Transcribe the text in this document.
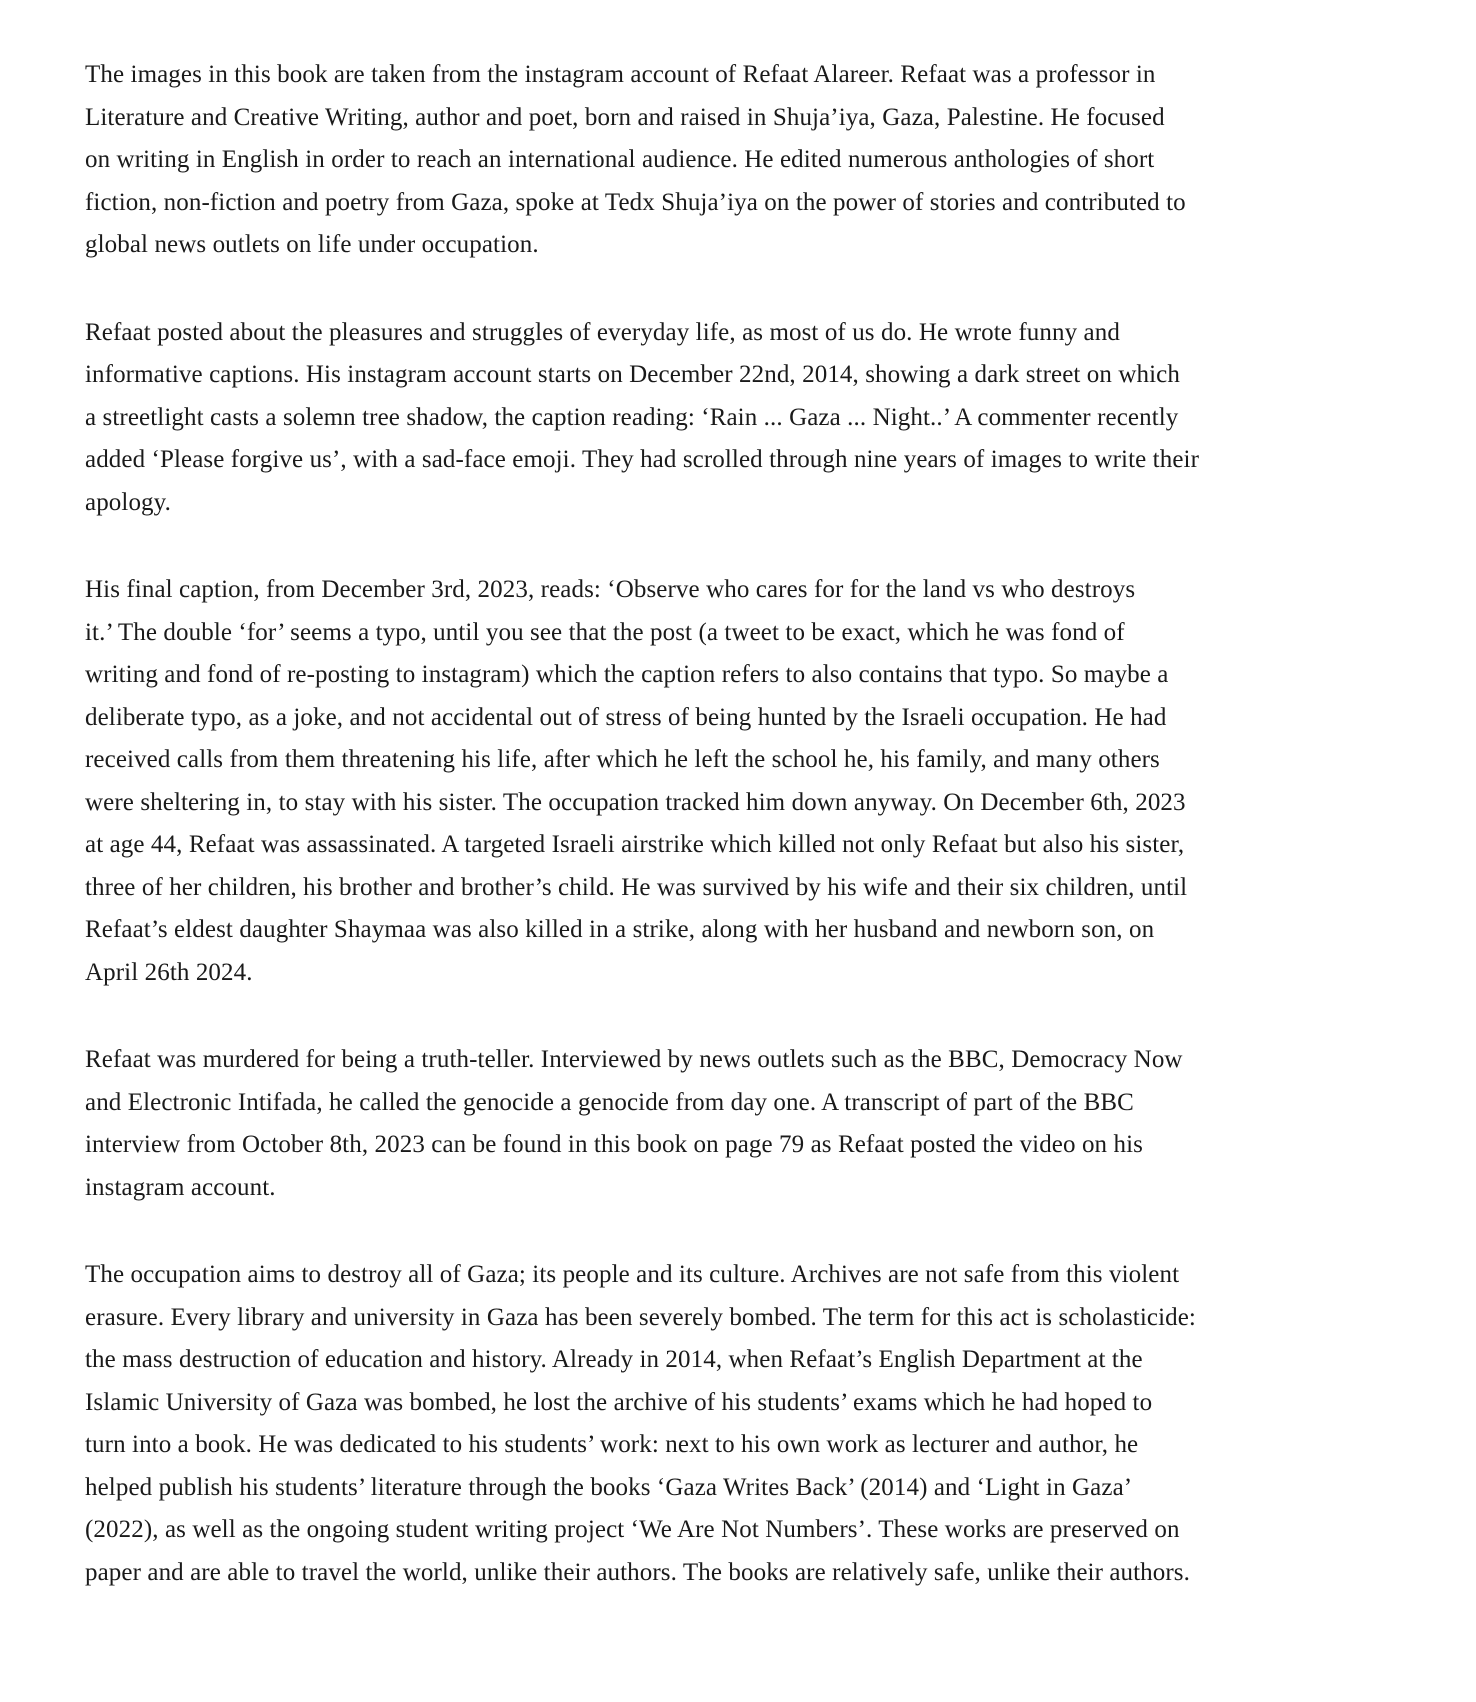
The images in this book are taken from the instagram account of Refaat Alareer. Refaat was a professor in
Literature and Creative Writing, author and poet, born and raised in Shuja’iya, Gaza, Palestine. He focused
on writing in English in order to reach an international audience. He edited numerous anthologies of short
fiction, non-fiction and poetry from Gaza, spoke at Tedx Shuja’iya on the power of stories and contributed to
global news outlets on life under occupation.

Refaat posted about the pleasures and struggles of everyday life, as most of us do. He wrote funny and
informative captions. His instagram account starts on December 22nd, 2014, showing a dark street on which
a streetlight casts a solemn tree shadow, the caption reading: ‘Rain ... Gaza ... Night..’ A commenter recently
added ‘Please forgive us’, with a sad-face emoji. They had scrolled through nine years of images to write their
apology.

His final caption, from December 3rd, 2023, reads: ‘Observe who cares for for the land vs who destroys
it.’ The double ‘for’ seems a typo, until you see that the post (a tweet to be exact, which he was fond of
writing and fond of re-posting to instagram) which the caption refers to also contains that typo. So maybe a
deliberate typo, as a joke, and not accidental out of stress of being hunted by the Israeli occupation. He had
received calls from them threatening his life, after which he left the school he, his family, and many others
were sheltering in, to stay with his sister. The occupation tracked him down anyway. On December 6th, 2023
at age 44, Refaat was assassinated. A targeted Israeli airstrike which killed not only Refaat but also his sister,
three of her children, his brother and brother’s child. He was survived by his wife and their six children, until
Refaat’s eldest daughter Shaymaa was also killed in a strike, along with her husband and newborn son, on
April 26th 2024.

Refaat was murdered for being a truth-teller. Interviewed by news outlets such as the BBC, Democracy Now
and Electronic Intifada, he called the genocide a genocide from day one. A transcript of part of the BBC
interview from October 8th, 2023 can be found in this book on page 79 as Refaat posted the video on his
instagram account.

The occupation aims to destroy all of Gaza; its people and its culture. Archives are not safe from this violent
erasure. Every library and university in Gaza has been severely bombed. The term for this act is scholasticide:
the mass destruction of education and history. Already in 2014, when Refaat’s English Department at the
Islamic University of Gaza was bombed, he lost the archive of his students’ exams which he had hoped to
turn into a book. He was dedicated to his students’ work: next to his own work as lecturer and author, he
helped publish his students’ literature through the books ‘Gaza Writes Back’ (2014) and ‘Light in Gaza’
(2022), as well as the ongoing student writing project ‘We Are Not Numbers’. These works are preserved on
paper and are able to travel the world, unlike their authors. The books are relatively safe, unlike their authors.
